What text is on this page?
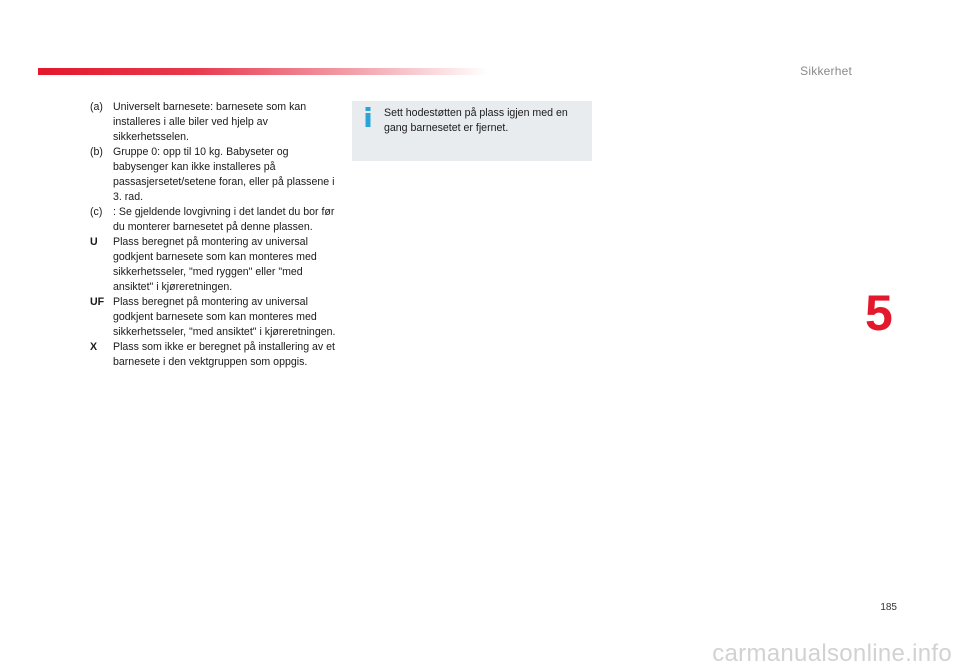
Sikkerhet
(a) Universelt barnesete: barnesete som kan installeres i alle biler ved hjelp av sikkerhetsselen.
(b) Gruppe 0: opp til 10 kg. Babyseter og babysenger kan ikke installeres på passasjersetet/setene foran, eller på plassene i 3. rad.
(c)	: Se gjeldende lovgivning i det landet du bor før du monterer barnesetet på denne plassen.
U	Plass beregnet på montering av universal godkjent barnesete som kan monteres med sikkerhetsseler, "med ryggen" eller "med ansiktet" i kjøreretningen.
UF Plass beregnet på montering av universal godkjent barnesete som kan monteres med sikkerhetsseler, "med ansiktet" i kjøreretningen.
X	Plass som ikke er beregnet på installering av et barnesete i den vektgruppen som oppgis.
Sett hodestøtten på plass igjen med en gang barnesetet er fjernet.
5
185
carmanualsonline.info
